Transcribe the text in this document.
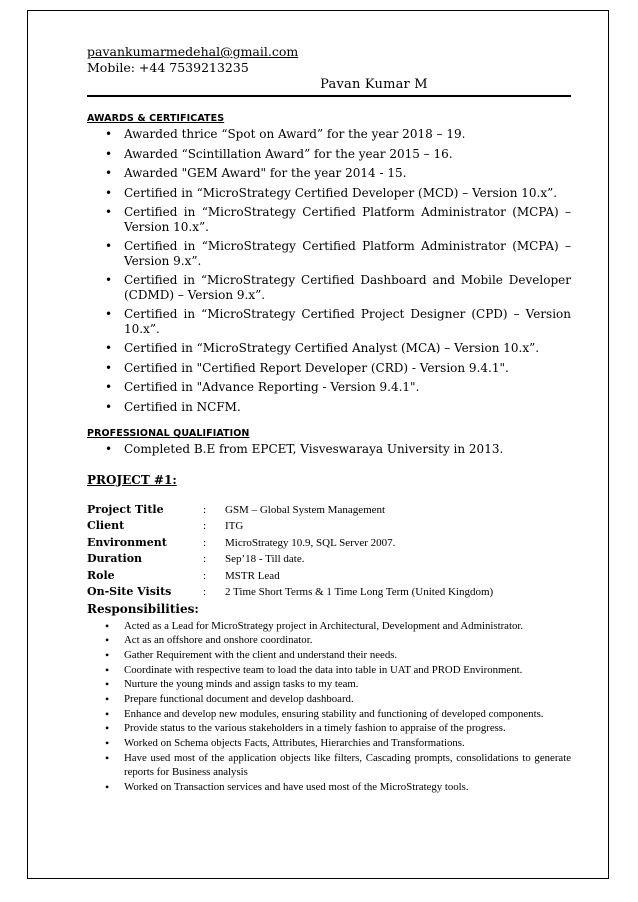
pavankumarmedehal@gmail.com
Mobile: +44 7539213235
Pavan Kumar M
AWARDS & CERTIFICATES
• Awarded thrice “Spot on Award” for the year 2018 – 19.
• Awarded “Scintillation Award” for the year 2015 – 16.
• Awarded "GEM Award" for the year 2014 - 15.
• Certified in “MicroStrategy Certified Developer (MCD) – Version 10.x”.
• Certified in “MicroStrategy Certified Platform Administrator (MCPA) – Version 10.x”.
• Certified in “MicroStrategy Certified Platform Administrator (MCPA) – Version 9.x”.
• Certified in “MicroStrategy Certified Dashboard and Mobile Developer (CDMD) – Version 9.x”.
• Certified in “MicroStrategy Certified Project Designer (CPD) – Version 10.x”.
• Certified in “MicroStrategy Certified Analyst (MCA) – Version 10.x”.
• Certified in "Certified Report Developer (CRD) - Version 9.4.1".
• Certified in "Advance Reporting - Version 9.4.1".
• Certified in NCFM.
PROFESSIONAL QUALIFIATION
• Completed B.E from EPCET, Visveswaraya University in 2013.
PROJECT #1:
Project Title	:	GSM – Global System Management
Client	:	ITG
Environment	:	MicroStrategy 10.9, SQL Server 2007.
Duration	:	Sep’18 - Till date.
Role	:	MSTR Lead
On-Site Visits	:	2 Time Short Terms & 1 Time Long Term (United Kingdom)
Responsibilities:
• Acted as a Lead for MicroStrategy project in Architectural, Development and Administrator.
• Act as an offshore and onshore coordinator.
• Gather Requirement with the client and understand their needs.
• Coordinate with respective team to load the data into table in UAT and PROD Environment.
• Nurture the young minds and assign tasks to my team.
• Prepare functional document and develop dashboard.
• Enhance and develop new modules, ensuring stability and functioning of developed components.
• Provide status to the various stakeholders in a timely fashion to appraise of the progress.
• Worked on Schema objects Facts, Attributes, Hierarchies and Transformations.
• Have used most of the application objects like filters, Cascading prompts, consolidations to generate reports for Business analysis
• Worked on Transaction services and have used most of the MicroStrategy tools.
